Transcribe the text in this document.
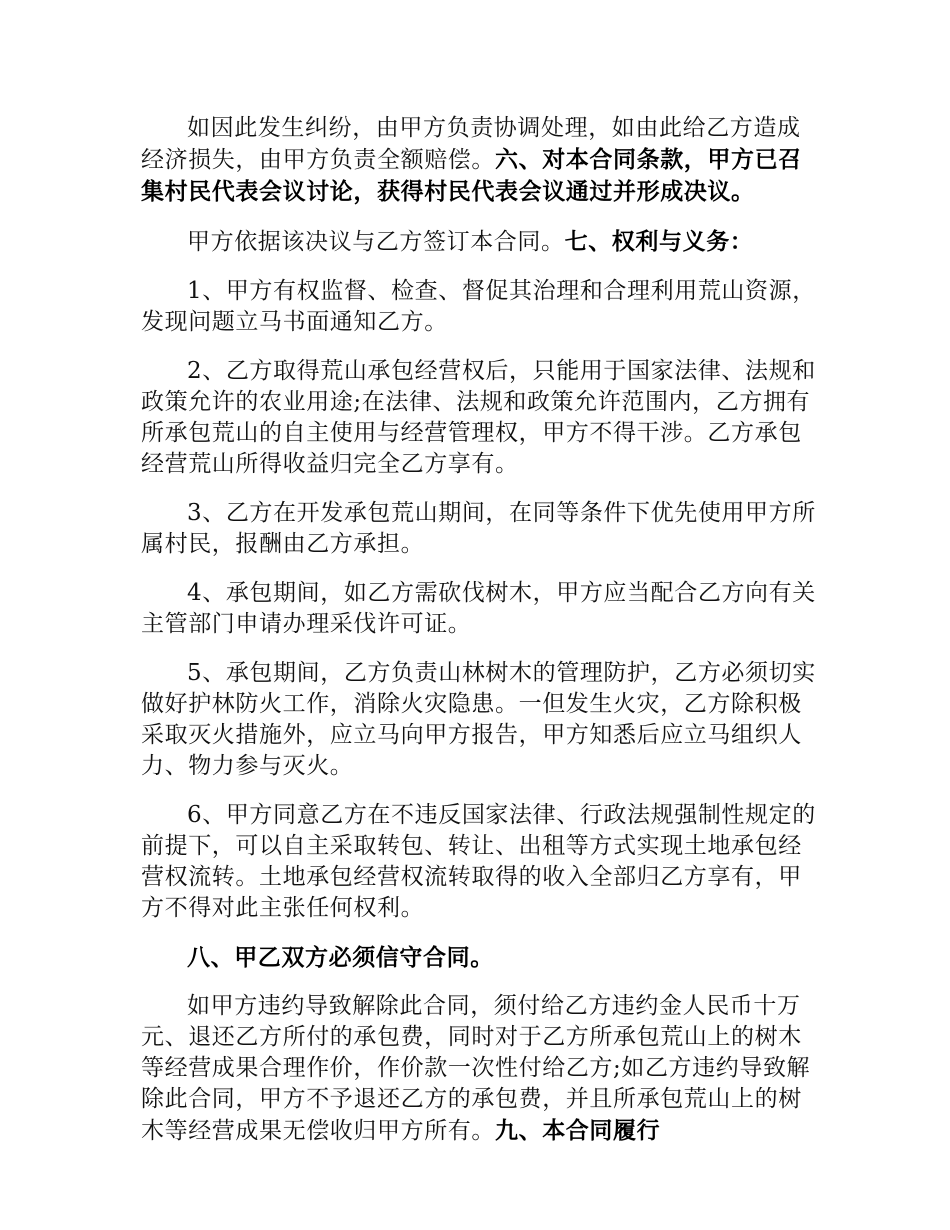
如因此发生纠纷，由甲方负责协调处理，如由此给乙方造成经济损失，由甲方负责全额赔偿。六、对本合同条款，甲方已召集村民代表会议讨论，获得村民代表会议通过并形成决议。

甲方依据该决议与乙方签订本合同。七、权利与义务：

1、甲方有权监督、检查、督促其治理和合理利用荒山资源，发现问题立马书面通知乙方。

2、乙方取得荒山承包经营权后，只能用于国家法律、法规和政策允许的农业用途;在法律、法规和政策允许范围内，乙方拥有所承包荒山的自主使用与经营管理权，甲方不得干涉。乙方承包经营荒山所得收益归完全乙方享有。

3、乙方在开发承包荒山期间，在同等条件下优先使用甲方所属村民，报酬由乙方承担。

4、承包期间，如乙方需砍伐树木，甲方应当配合乙方向有关主管部门申请办理采伐许可证。

5、承包期间，乙方负责山林树木的管理防护，乙方必须切实做好护林防火工作，消除火灾隐患。一但发生火灾，乙方除积极采取灭火措施外，应立马向甲方报告，甲方知悉后应立马组织人力、物力参与灭火。

6、甲方同意乙方在不违反国家法律、行政法规强制性规定的前提下，可以自主采取转包、转让、出租等方式实现土地承包经营权流转。土地承包经营权流转取得的收入全部归乙方享有，甲方不得对此主张任何权利。

八、甲乙双方必须信守合同。

如甲方违约导致解除此合同，须付给乙方违约金人民币十万元、退还乙方所付的承包费，同时对于乙方所承包荒山上的树木等经营成果合理作价，作价款一次性付给乙方;如乙方违约导致解除此合同，甲方不予退还乙方的承包费，并且所承包荒山上的树木等经营成果无偿收归甲方所有。九、本合同履行
